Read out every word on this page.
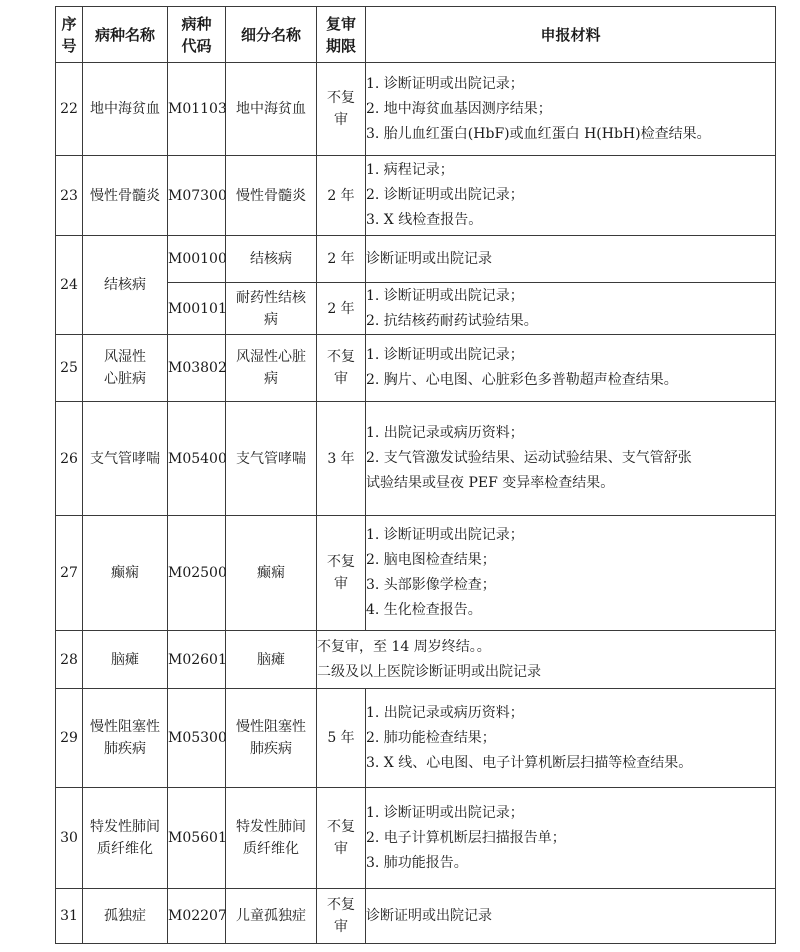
序号	病种名称	病种代码	细分名称	复审期限	申报材料
22	地中海贫血	M01103	地中海贫血	不复审	1. 诊断证明或出院记录；
2. 地中海贫血基因测序结果；
3. 胎儿血红蛋白(HbF)或血红蛋白 H(HbH)检查结果。

23	慢性骨髓炎	M07300	慢性骨髓炎	2 年	1. 病程记录；
2. 诊断证明或出院记录；
3. X 线检查报告。

24	结核病	M00100	结核病	2 年	诊断证明或出院记录

		M00101	耐药性结核病	2 年	1. 诊断证明或出院记录；
2. 抗结核药耐药试验结果。

25	风湿性心脏病	M03802	风湿性心脏病	不复审	1. 诊断证明或出院记录；
2. 胸片、心电图、心脏彩色多普勒超声检查结果。

26	支气管哮喘	M05400	支气管哮喘	3 年	1. 出院记录或病历资料；
2. 支气管激发试验结果、运动试验结果、支气管舒张
试验结果或昼夜 PEF 变异率检查结果。

27	癫痫	M02500	癫痫	不复审	1. 诊断证明或出院记录；
2. 脑电图检查结果；
3. 头部影像学检查；
4. 生化检查报告。

28	脑瘫	M02601	脑瘫	不复审，至 14 周岁终结。。
二级及以上医院诊断证明或出院记录	

29	慢性阻塞性肺疾病	M05300	慢性阻塞性肺疾病	5 年	1. 出院记录或病历资料；
2. 肺功能检查结果；
3. X 线、心电图、电子计算机断层扫描等检查结果。

30	特发性肺间质纤维化	M05601	特发性肺间质纤维化	不复审	1. 诊断证明或出院记录；
2. 电子计算机断层扫描报告单；
3. 肺功能报告。

31	孤独症	M02207	儿童孤独症	不复审	诊断证明或出院记录
